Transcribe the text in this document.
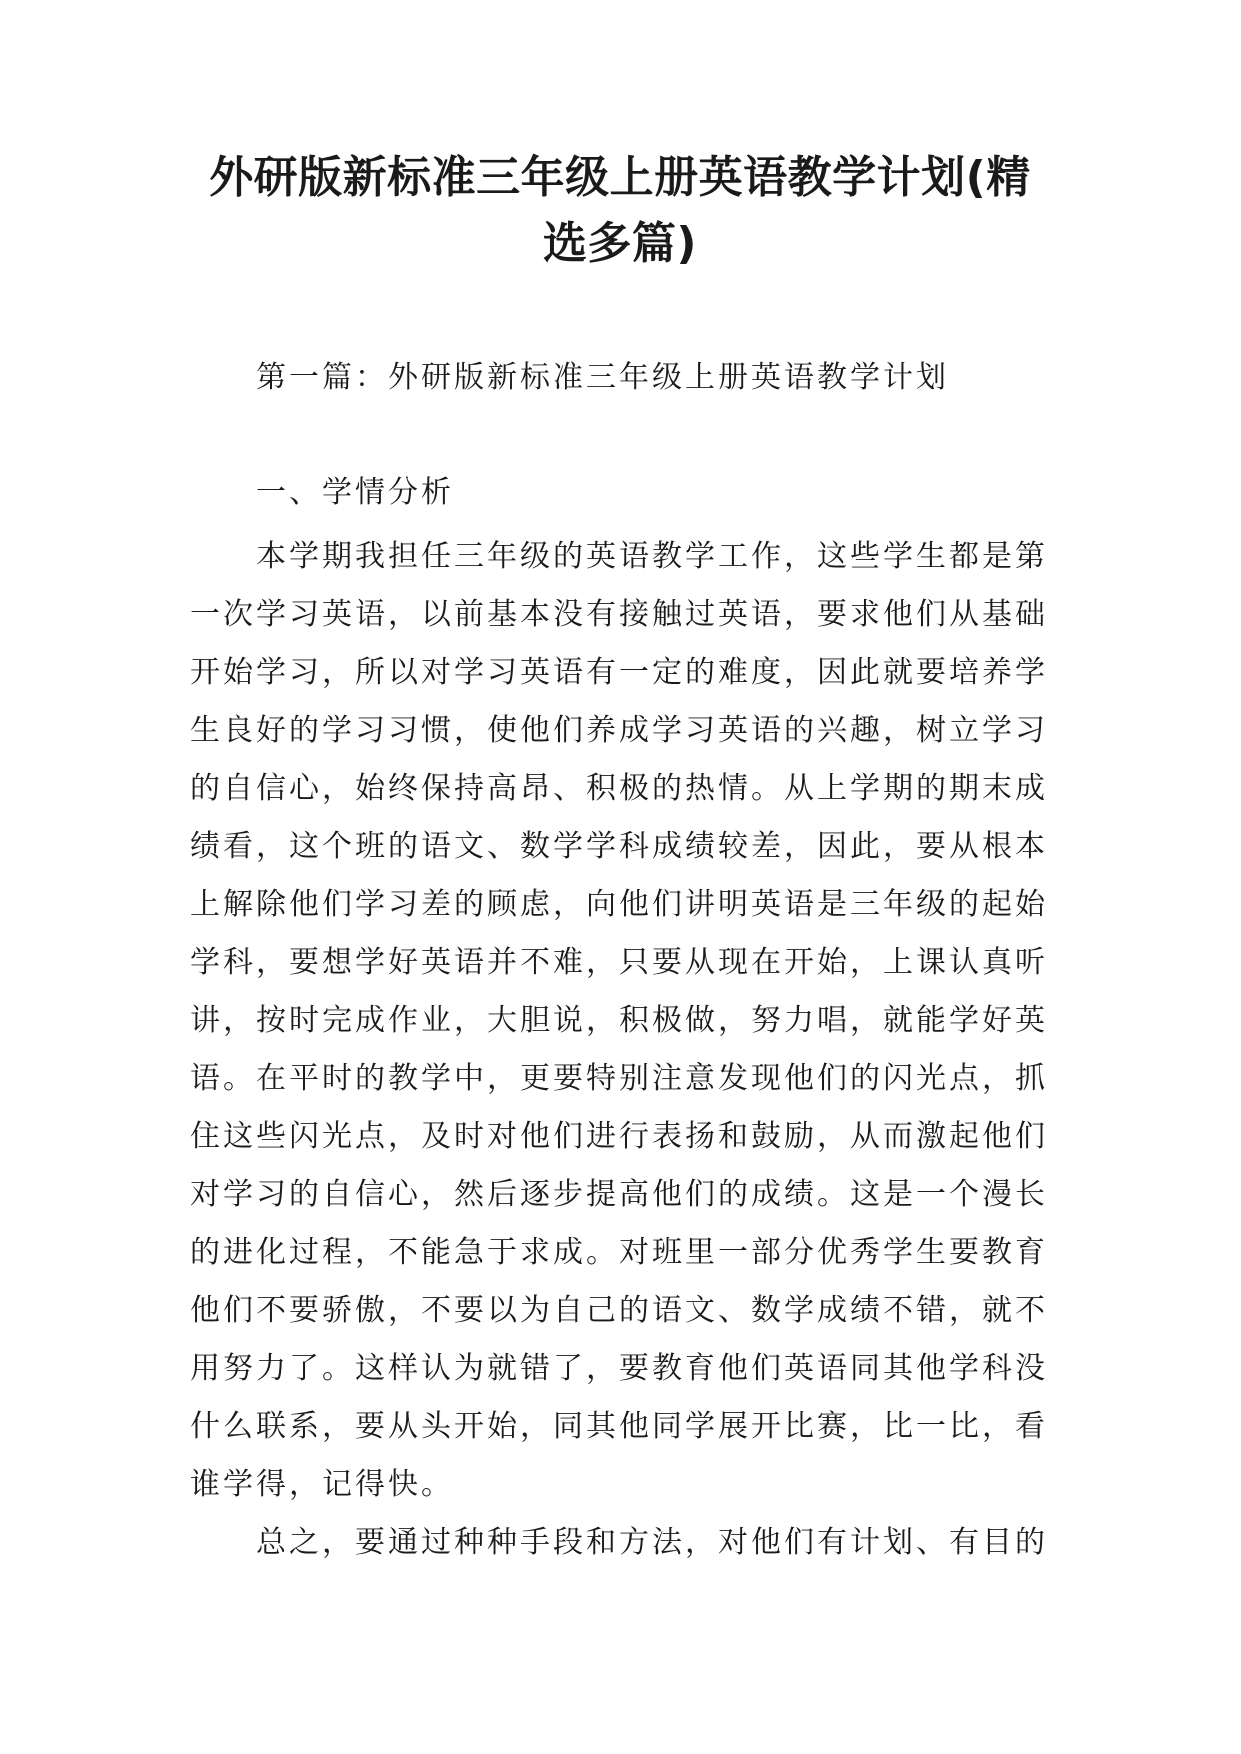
外研版新标准三年级上册英语教学计划(精
选多篇)
第一篇：外研版新标准三年级上册英语教学计划
一、学情分析
本学期我担任三年级的英语教学工作，这些学生都是第
一次学习英语，以前基本没有接触过英语，要求他们从基础
开始学习，所以对学习英语有一定的难度，因此就要培养学
生良好的学习习惯，使他们养成学习英语的兴趣，树立学习
的自信心，始终保持高昂、积极的热情。从上学期的期末成
绩看，这个班的语文、数学学科成绩较差，因此，要从根本
上解除他们学习差的顾虑，向他们讲明英语是三年级的起始
学科，要想学好英语并不难，只要从现在开始，上课认真听
讲，按时完成作业，大胆说，积极做，努力唱，就能学好英
语。在平时的教学中，更要特别注意发现他们的闪光点，抓
住这些闪光点，及时对他们进行表扬和鼓励，从而激起他们
对学习的自信心，然后逐步提高他们的成绩。这是一个漫长
的进化过程，不能急于求成。对班里一部分优秀学生要教育
他们不要骄傲，不要以为自己的语文、数学成绩不错，就不
用努力了。这样认为就错了，要教育他们英语同其他学科没
什么联系，要从头开始，同其他同学展开比赛，比一比，看
谁学得，记得快。
总之，要通过种种手段和方法，对他们有计划、有目的
